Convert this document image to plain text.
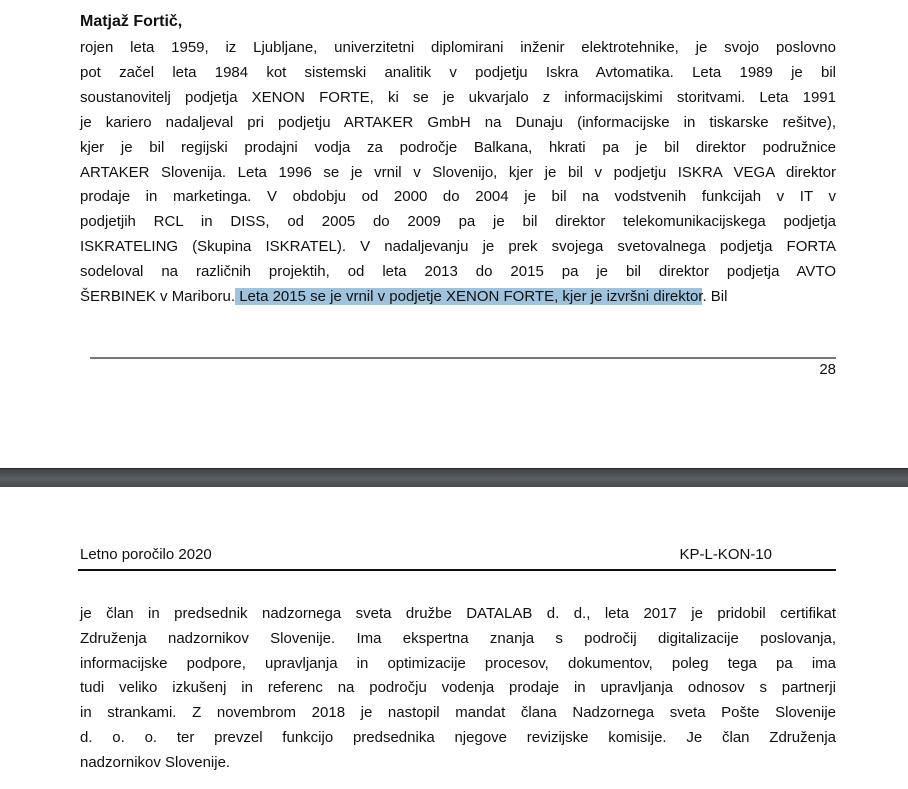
Matjaž Fortič,
rojen leta 1959, iz Ljubljane, univerzitetni diplomirani inženir elektrotehnike, je svojo poslovno
pot začel leta 1984 kot sistemski analitik v podjetju Iskra Avtomatika. Leta 1989 je bil
soustanovitelj podjetja XENON FORTE, ki se je ukvarjalo z informacijskimi storitvami. Leta 1991
je kariero nadaljeval pri podjetju ARTAKER GmbH na Dunaju (informacijske in tiskarske rešitve),
kjer je bil regijski prodajni vodja za področje Balkana, hkrati pa je bil direktor podružnice
ARTAKER Slovenija. Leta 1996 se je vrnil v Slovenijo, kjer je bil v podjetju ISKRA VEGA direktor
prodaje in marketinga. V obdobju od 2000 do 2004 je bil na vodstvenih funkcijah v IT v
podjetjih RCL in DISS, od 2005 do 2009 pa je bil direktor telekomunikacijskega podjetja
ISKRATELING (Skupina ISKRATEL). V nadaljevanju je prek svojega svetovalnega podjetja FORTA
sodeloval na različnih projektih, od leta 2013 do 2015 pa je bil direktor podjetja AVTO
ŠERBINEK v Mariboru. Leta 2015 se je vrnil v podjetje XENON FORTE, kjer je izvršni direktor. Bil
28
Letno poročilo 2020	KP-L-KON-10
je član in predsednik nadzornega sveta družbe DATALAB d. d., leta 2017 je pridobil certifikat
Združenja nadzornikov Slovenije. Ima ekspertna znanja s področij digitalizacije poslovanja,
informacijske podpore, upravljanja in optimizacije procesov, dokumentov, poleg tega pa ima
tudi veliko izkušenj in referenc na področju vodenja prodaje in upravljanja odnosov s partnerji
in strankami. Z novembrom 2018 je nastopil mandat člana Nadzornega sveta Pošte Slovenije
d. o. o. ter prevzel funkcijo predsednika njegove revizijske komisije. Je član Združenja
nadzornikov Slovenije.
